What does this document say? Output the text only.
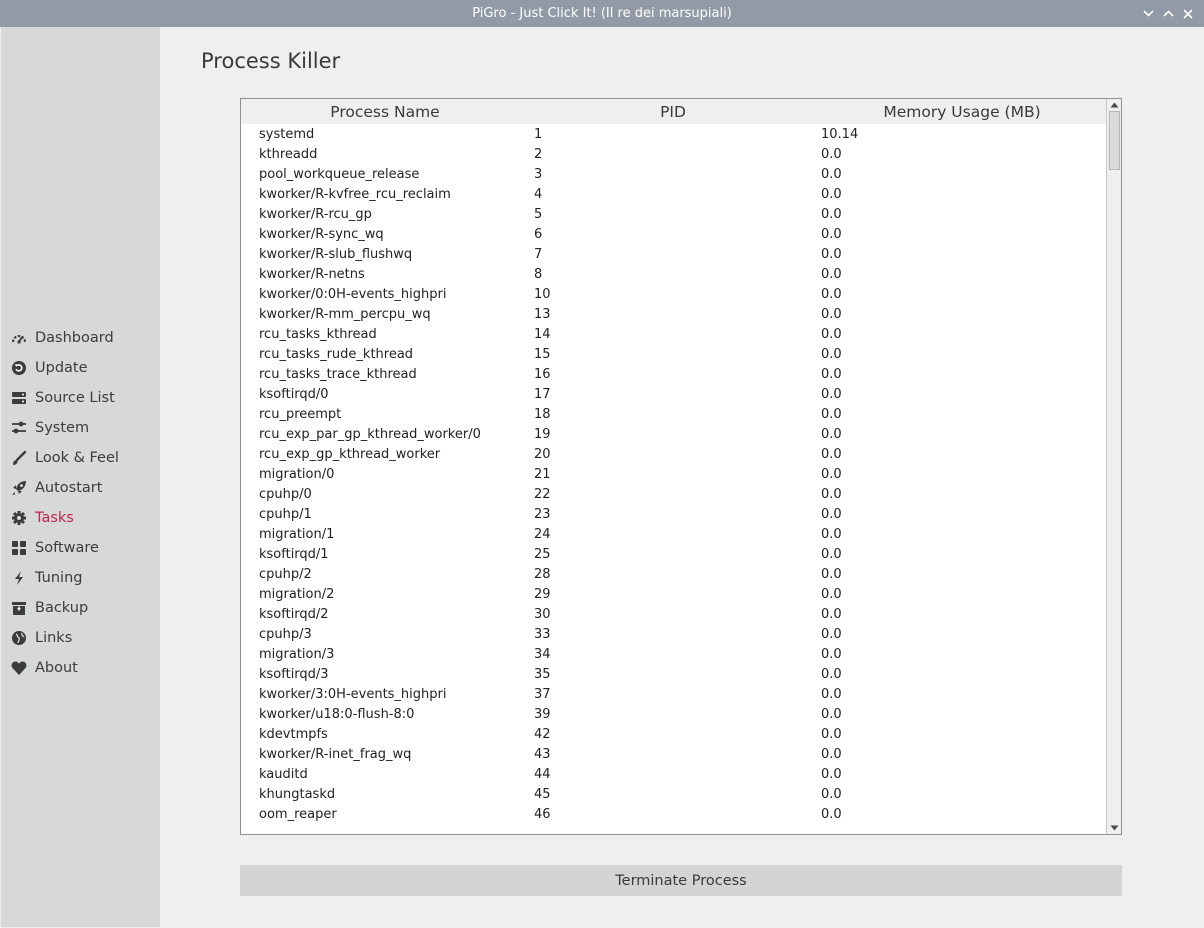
PiGro - Just Click It! (Il re dei marsupiali)
Dashboard
Update
Source List
System
Look & Feel
Autostart
Tasks
Software
Tuning
Backup
Links
About
Process Killer
Process Name	PID	Memory Usage (MB)
systemd	1	10.14
kthreadd	2	0.0
pool_workqueue_release	3	0.0
kworker/R-kvfree_rcu_reclaim	4	0.0
kworker/R-rcu_gp	5	0.0
kworker/R-sync_wq	6	0.0
kworker/R-slub_flushwq	7	0.0
kworker/R-netns	8	0.0
kworker/0:0H-events_highpri	10	0.0
kworker/R-mm_percpu_wq	13	0.0
rcu_tasks_kthread	14	0.0
rcu_tasks_rude_kthread	15	0.0
rcu_tasks_trace_kthread	16	0.0
ksoftirqd/0	17	0.0
rcu_preempt	18	0.0
rcu_exp_par_gp_kthread_worker/0	19	0.0
rcu_exp_gp_kthread_worker	20	0.0
migration/0	21	0.0
cpuhp/0	22	0.0
cpuhp/1	23	0.0
migration/1	24	0.0
ksoftirqd/1	25	0.0
cpuhp/2	28	0.0
migration/2	29	0.0
ksoftirqd/2	30	0.0
cpuhp/3	33	0.0
migration/3	34	0.0
ksoftirqd/3	35	0.0
kworker/3:0H-events_highpri	37	0.0
kworker/u18:0-flush-8:0	39	0.0
kdevtmpfs	42	0.0
kworker/R-inet_frag_wq	43	0.0
kauditd	44	0.0
khungtaskd	45	0.0
oom_reaper	46	0.0
Terminate Process
